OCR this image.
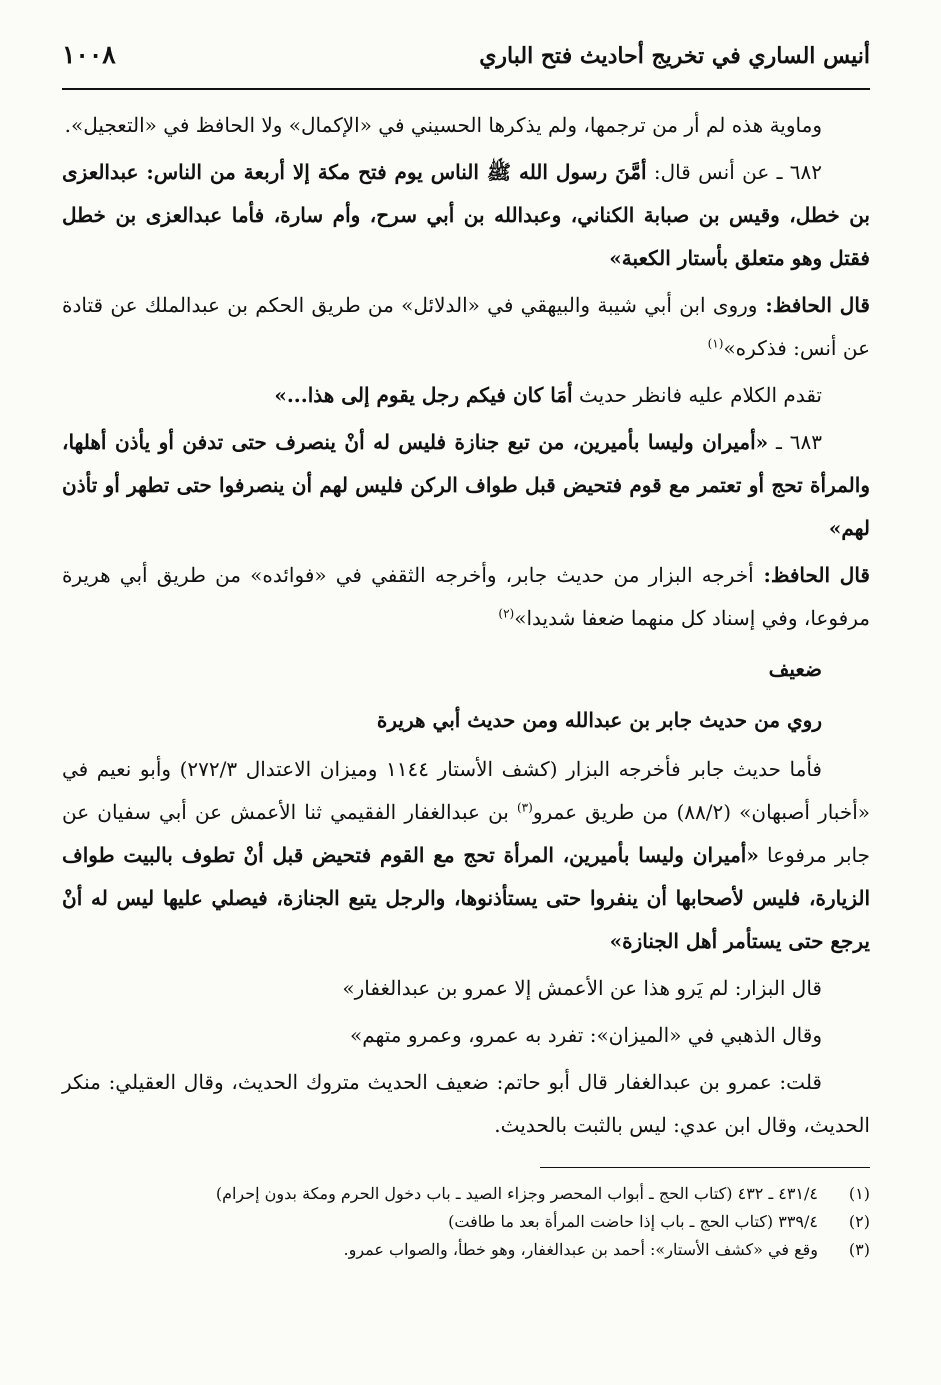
أنيس الساري في تخريج أحاديث فتح الباري
١٠٠٨

وماوية هذه لم أر من ترجمها، ولم يذكرها الحسيني في «الإكمال» ولا الحافظ في «التعجيل».

٦٨٢ ـ عن أنس قال: أمَّنَ رسول الله ﷺ الناس يوم فتح مكة إلا أربعة من الناس: عبدالعزى بن خطل، وقيس بن صبابة الكناني، وعبدالله بن أبي سرح، وأم سارة، فأما عبدالعزى بن خطل فقتل وهو متعلق بأستار الكعبة»

قال الحافظ: وروى ابن أبي شيبة والبيهقي في «الدلائل» من طريق الحكم بن عبدالملك عن قتادة عن أنس: فذكره»$^{(١)}$

تقدم الكلام عليه فانظر حديث أمَا كان فيكم رجل يقوم إلى هذا...»

٦٨٣ ـ «أميران وليسا بأميرين، من تبع جنازة فليس له أنْ ينصرف حتى تدفن أو يأذن أهلها، والمرأة تحج أو تعتمر مع قوم فتحيض قبل طواف الركن فليس لهم أن ينصرفوا حتى تطهر أو تأذن لهم»

قال الحافظ: أخرجه البزار من حديث جابر، وأخرجه الثقفي في «فوائده» من طريق أبي هريرة مرفوعا، وفي إسناد كل منهما ضعفا شديدا»$^{(٢)}$

ضعيف

روي من حديث جابر بن عبدالله ومن حديث أبي هريرة

فأما حديث جابر فأخرجه البزار (كشف الأستار ١١٤٤ وميزان الاعتدال ٢٧٢/٣) وأبو نعيم في «أخبار أصبهان» (٨٨/٢) من طريق عمرو$^{(٣)}$ بن عبدالغفار الفقيمي ثنا الأعمش عن أبي سفيان عن جابر مرفوعا «أميران وليسا بأميرين، المرأة تحج مع القوم فتحيض قبل أنْ تطوف بالبيت طواف الزيارة، فليس لأصحابها أن ينفروا حتى يستأذنوها، والرجل يتبع الجنازة، فيصلي عليها ليس له أنْ يرجع حتى يستأمر أهل الجنازة»

قال البزار: لم يَرو هذا عن الأعمش إلا عمرو بن عبدالغفار»

وقال الذهبي في «الميزان»: تفرد به عمرو، وعمرو متهم»

قلت: عمرو بن عبدالغفار قال أبو حاتم: ضعيف الحديث متروك الحديث، وقال العقيلي: منكر الحديث، وقال ابن عدي: ليس بالثبت بالحديث.

(١)
٤٣١/٤ ـ ٤٣٢ (كتاب الحج ـ أبواب المحصر وجزاء الصيد ـ باب دخول الحرم ومكة بدون إحرام)
(٢)
٣٣٩/٤ (كتاب الحج ـ باب إذا حاضت المرأة بعد ما طافت)
(٣)
وقع في «كشف الأستار»: أحمد بن عبدالغفار، وهو خطأ، والصواب عمرو.
